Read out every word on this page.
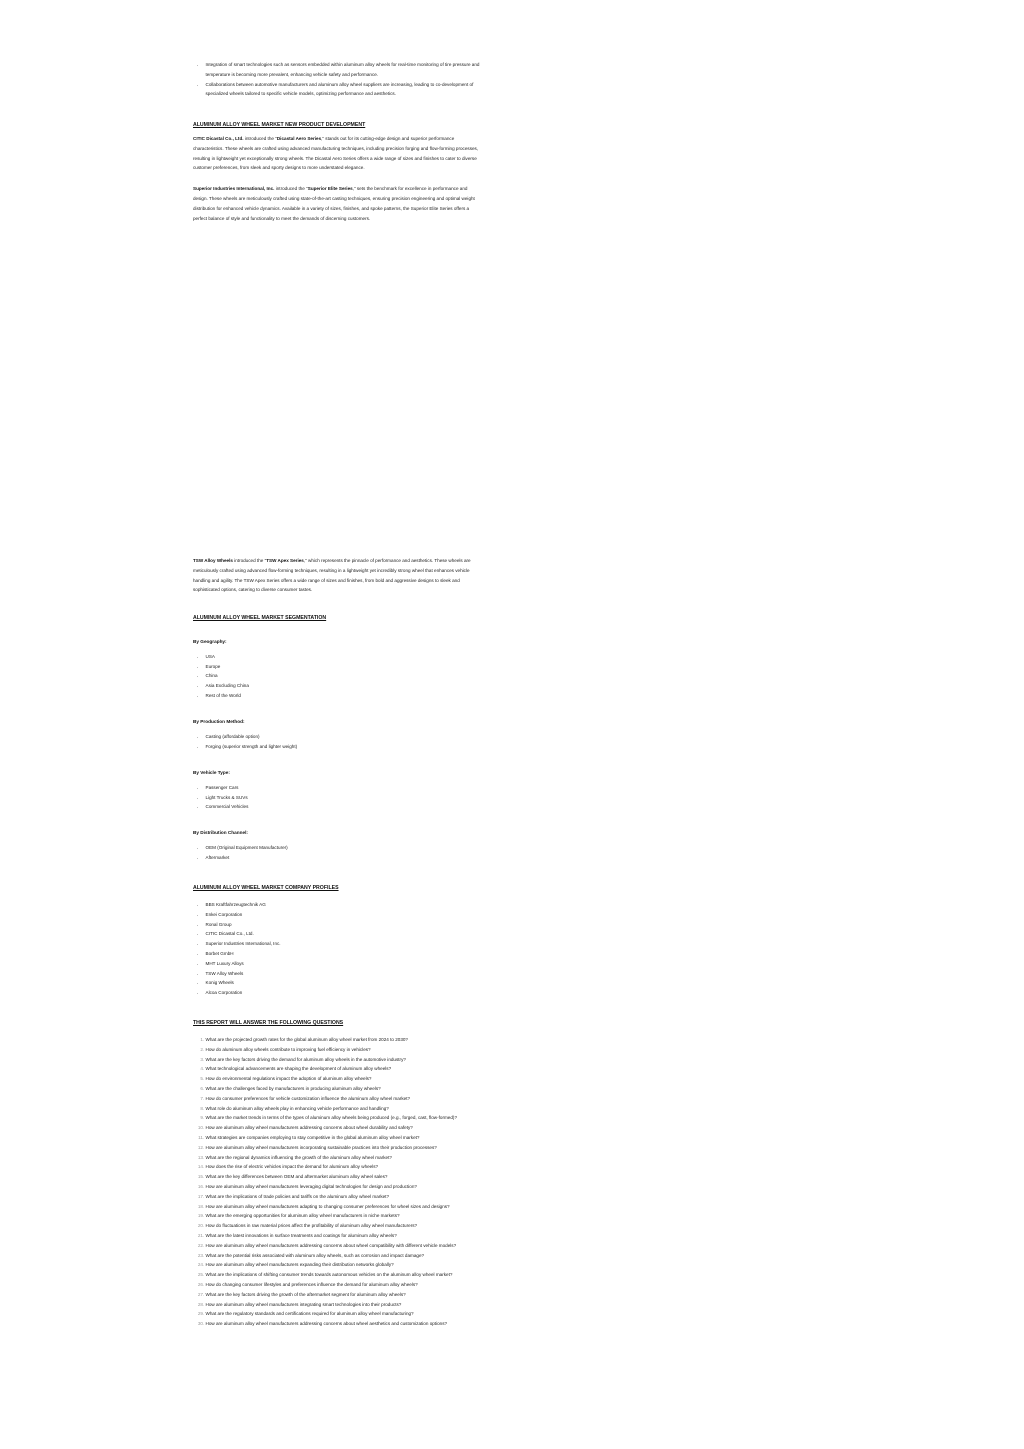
• Integration of smart technologies such as sensors embedded within aluminum alloy wheels for real-time monitoring of tire pressure and temperature is becoming more prevalent, enhancing vehicle safety and performance.
• Collaborations between automotive manufacturers and aluminum alloy wheel suppliers are increasing, leading to co-development of specialized wheels tailored to specific vehicle models, optimizing performance and aesthetics.
ALUMINUM ALLOY WHEEL MARKET NEW PRODUCT DEVELOPMENT

CITIC Dicastal Co., Ltd. introduced the "Dicastal Aero Series," stands out for its cutting-edge design and superior performance characteristics. These wheels are crafted using advanced manufacturing techniques, including precision forging and flow-forming processes, resulting in lightweight yet exceptionally strong wheels. The Dicastal Aero Series offers a wide range of sizes and finishes to cater to diverse customer preferences, from sleek and sporty designs to more understated elegance.

Superior Industries International, Inc. introduced the "Superior Elite Series," sets the benchmark for excellence in performance and design. These wheels are meticulously crafted using state-of-the-art casting techniques, ensuring precision engineering and optimal weight distribution for enhanced vehicle dynamics. Available in a variety of sizes, finishes, and spoke patterns, the Superior Elite Series offers a perfect balance of style and functionality to meet the demands of discerning customers.

TSW Alloy Wheels introduced the "TSW Apex Series," which represents the pinnacle of performance and aesthetics. These wheels are meticulously crafted using advanced flow-forming techniques, resulting in a lightweight yet incredibly strong wheel that enhances vehicle handling and agility. The TSW Apex Series offers a wide range of sizes and finishes, from bold and aggressive designs to sleek and sophisticated options, catering to diverse consumer tastes.

ALUMINUM ALLOY WHEEL MARKET SEGMENTATION
By Geography:
• USA
• Europe
• China
• Asia Excluding China
• Rest of the World
By Production Method:
• Casting (affordable option)
• Forging (superior strength and lighter weight)
By Vehicle Type:
• Passenger Cars
• Light Trucks & SUVs
• Commercial Vehicles
By Distribution Channel:
• OEM (Original Equipment Manufacturer)
• Aftermarket
ALUMINUM ALLOY WHEEL MARKET COMPANY PROFILES
• BBS Kraftfahrzeugtechnik AG
• Enkei Corporation
• Ronal Group
• CITIC Dicastal Co., Ltd.
• Superior Industries International, Inc.
• Borbet GmbH
• MHT Luxury Alloys
• TSW Alloy Wheels
• Konig Wheels
• Alcoa Corporation
THIS REPORT WILL ANSWER THE FOLLOWING QUESTIONS
1. What are the projected growth rates for the global aluminum alloy wheel market from 2024 to 2030?
2. How do aluminum alloy wheels contribute to improving fuel efficiency in vehicles?
3. What are the key factors driving the demand for aluminum alloy wheels in the automotive industry?
4. What technological advancements are shaping the development of aluminum alloy wheels?
5. How do environmental regulations impact the adoption of aluminum alloy wheels?
6. What are the challenges faced by manufacturers in producing aluminum alloy wheels?
7. How do consumer preferences for vehicle customization influence the aluminum alloy wheel market?
8. What role do aluminum alloy wheels play in enhancing vehicle performance and handling?
9. What are the market trends in terms of the types of aluminum alloy wheels being produced (e.g., forged, cast, flow-formed)?
10. How are aluminum alloy wheel manufacturers addressing concerns about wheel durability and safety?
11. What strategies are companies employing to stay competitive in the global aluminum alloy wheel market?
12. How are aluminum alloy wheel manufacturers incorporating sustainable practices into their production processes?
13. What are the regional dynamics influencing the growth of the aluminum alloy wheel market?
14. How does the rise of electric vehicles impact the demand for aluminum alloy wheels?
15. What are the key differences between OEM and aftermarket aluminum alloy wheel sales?
16. How are aluminum alloy wheel manufacturers leveraging digital technologies for design and production?
17. What are the implications of trade policies and tariffs on the aluminum alloy wheel market?
18. How are aluminum alloy wheel manufacturers adapting to changing consumer preferences for wheel sizes and designs?
19. What are the emerging opportunities for aluminum alloy wheel manufacturers in niche markets?
20. How do fluctuations in raw material prices affect the profitability of aluminum alloy wheel manufacturers?
21. What are the latest innovations in surface treatments and coatings for aluminum alloy wheels?
22. How are aluminum alloy wheel manufacturers addressing concerns about wheel compatibility with different vehicle models?
23. What are the potential risks associated with aluminum alloy wheels, such as corrosion and impact damage?
24. How are aluminum alloy wheel manufacturers expanding their distribution networks globally?
25. What are the implications of shifting consumer trends towards autonomous vehicles on the aluminum alloy wheel market?
26. How do changing consumer lifestyles and preferences influence the demand for aluminum alloy wheels?
27. What are the key factors driving the growth of the aftermarket segment for aluminum alloy wheels?
28. How are aluminum alloy wheel manufacturers integrating smart technologies into their products?
29. What are the regulatory standards and certifications required for aluminum alloy wheel manufacturing?
30. How are aluminum alloy wheel manufacturers addressing concerns about wheel aesthetics and customization options?
